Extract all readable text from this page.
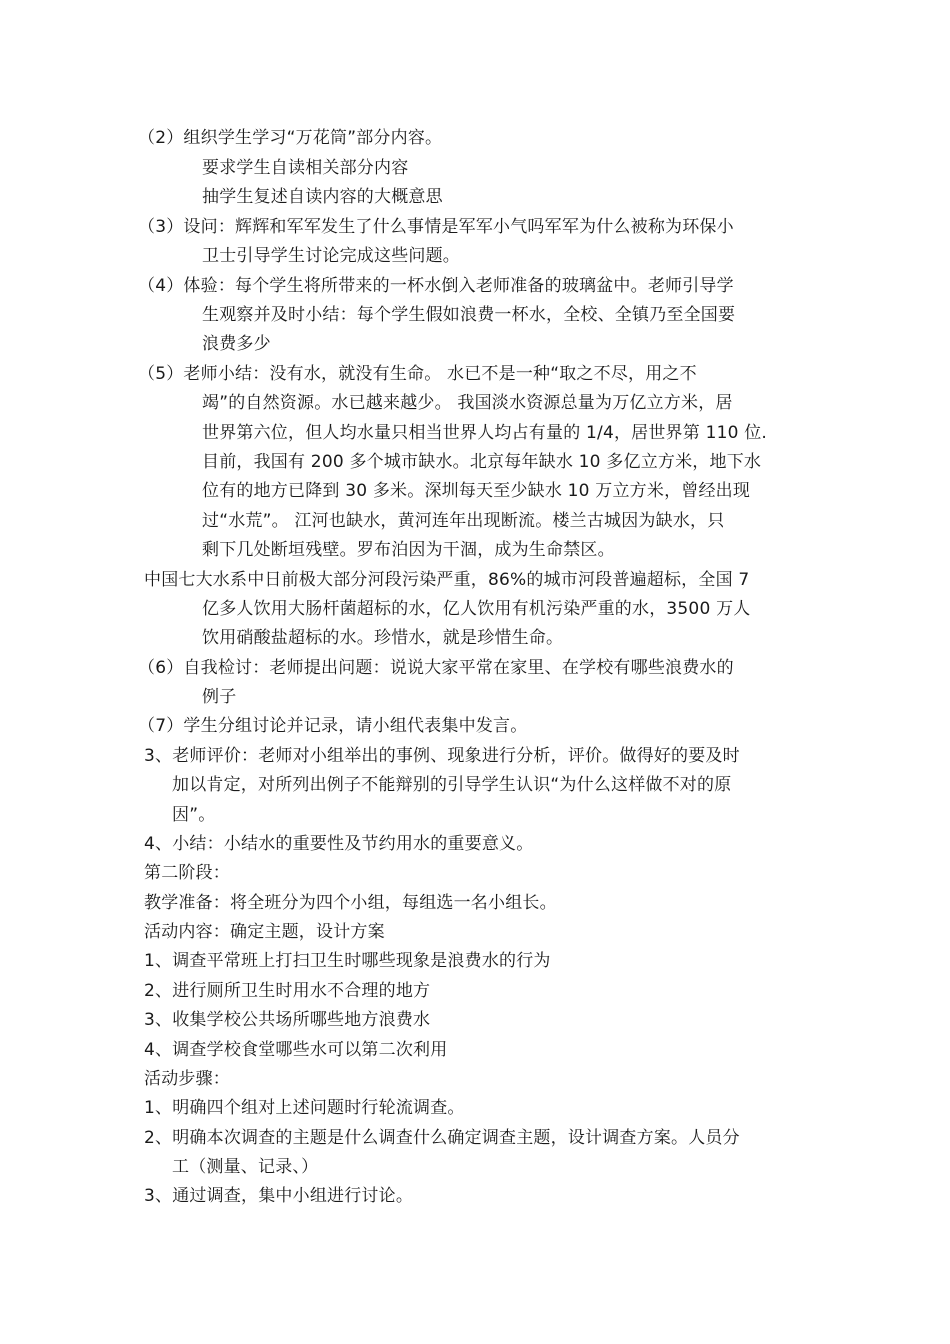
（2）组织学生学习“万花筒”部分内容。
要求学生自读相关部分内容
抽学生复述自读内容的大概意思
（3）设问：辉辉和军军发生了什么事情是军军小气吗军军为什么被称为环保小
卫士引导学生讨论完成这些问题。
（4）体验：每个学生将所带来的一杯水倒入老师准备的玻璃盆中。老师引导学
生观察并及时小结：每个学生假如浪费一杯水，全校、全镇乃至全国要
浪费多少
（5）老师小结：没有水，就没有生命。 水已不是一种“取之不尽，用之不
竭”的自然资源。水已越来越少。 我国淡水资源总量为万亿立方米，居
世界第六位，但人均水量只相当世界人均占有量的 1/4，居世界第 110 位.
目前，我国有 200 多个城市缺水。北京每年缺水 10 多亿立方米，地下水
位有的地方已降到 30 多米。深圳每天至少缺水 10 万立方米，曾经出现
过“水荒”。 江河也缺水，黄河连年出现断流。楼兰古城因为缺水，只
剩下几处断垣残壁。罗布泊因为干涸，成为生命禁区。
中国七大水系中日前极大部分河段污染严重，86%的城市河段普遍超标，全国 7
亿多人饮用大肠杆菌超标的水，亿人饮用有机污染严重的水，3500 万人
饮用硝酸盐超标的水。珍惜水，就是珍惜生命。
（6）自我检讨：老师提出问题：说说大家平常在家里、在学校有哪些浪费水的
例子
（7）学生分组讨论并记录，请小组代表集中发言。
3、老师评价：老师对小组举出的事例、现象进行分析，评价。做得好的要及时
加以肯定，对所列出例子不能辩别的引导学生认识“为什么这样做不对的原
因”。
4、小结：小结水的重要性及节约用水的重要意义。
第二阶段：
教学准备：将全班分为四个小组，每组选一名小组长。
活动内容：确定主题，设计方案
1、调查平常班上打扫卫生时哪些现象是浪费水的行为
2、进行厕所卫生时用水不合理的地方
3、收集学校公共场所哪些地方浪费水
4、调查学校食堂哪些水可以第二次利用
活动步骤：
1、明确四个组对上述问题时行轮流调查。
2、明确本次调查的主题是什么调查什么确定调查主题，设计调查方案。人员分
工（测量、记录、）
3、通过调查，集中小组进行讨论。
